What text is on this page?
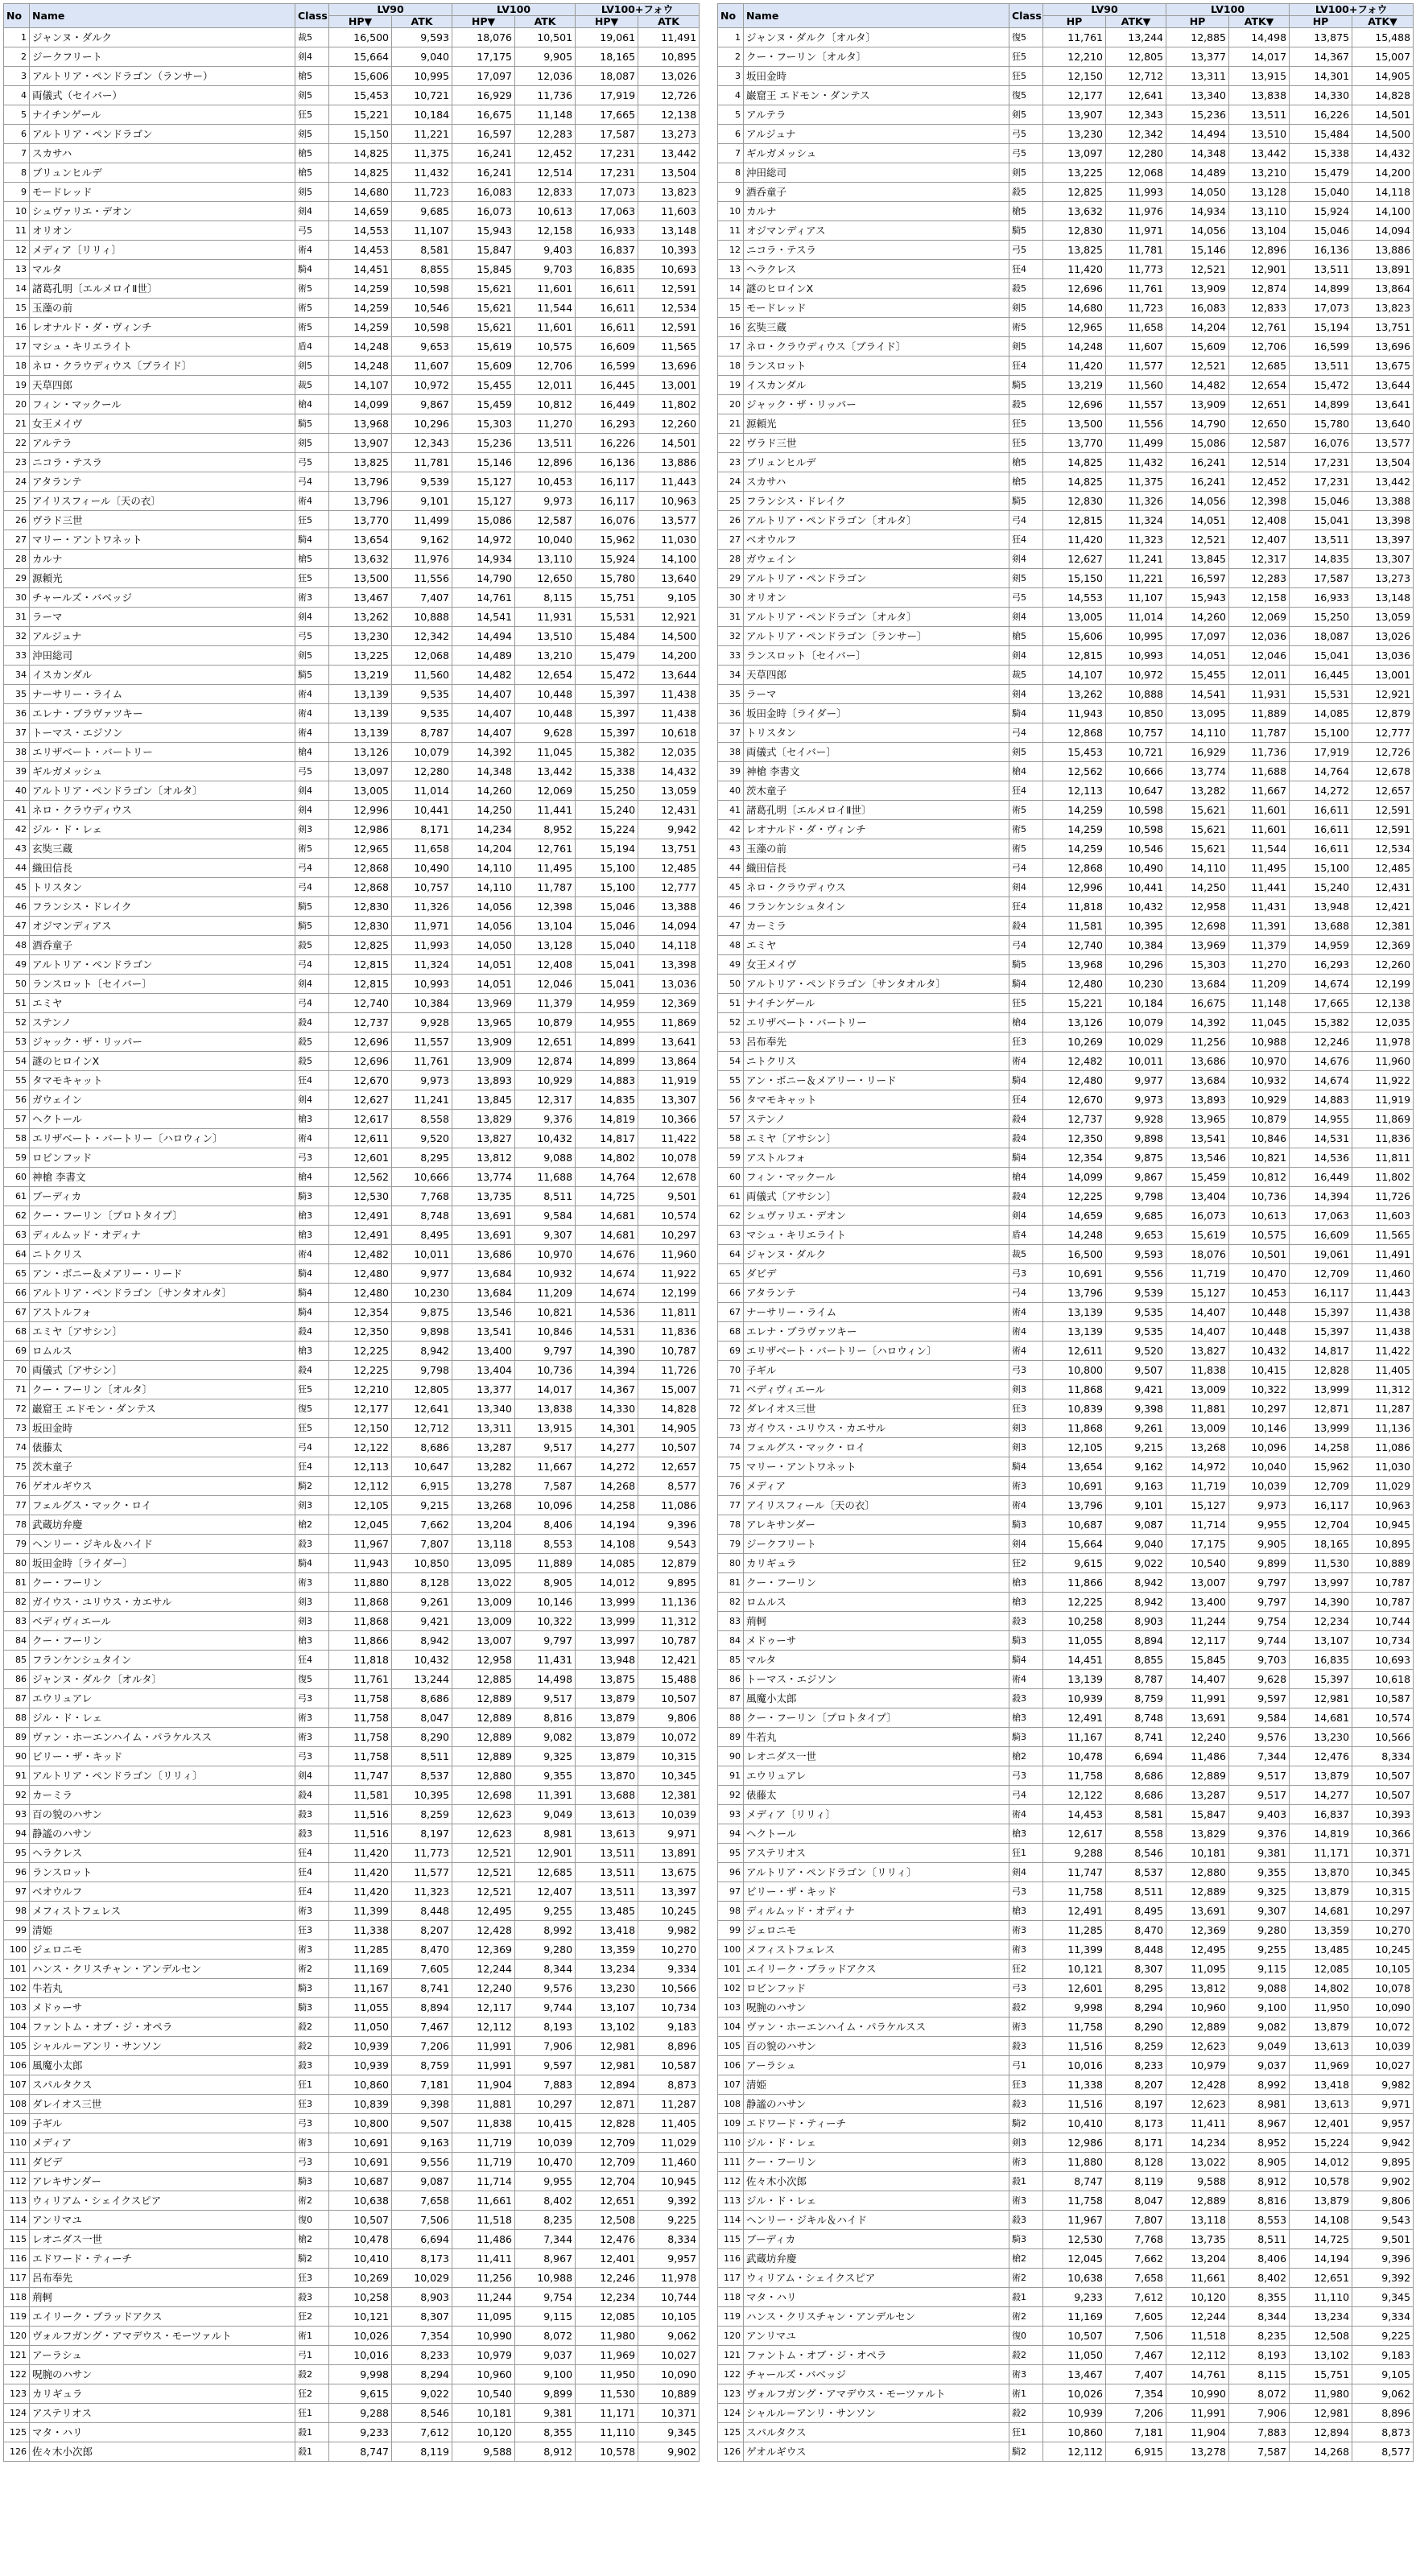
No	Name	Class	LV90		LV100		LV100+フォウ	
			HP▼	ATK	HP▼	ATK	HP▼	ATK
1	ジャンヌ・ダルク	裁5	16,500	9,593	18,076	10,501	19,061	11,491
2	ジークフリート	剣4	15,664	9,040	17,175	9,905	18,165	10,895
3	アルトリア・ペンドラゴン（ランサー）	槍5	15,606	10,995	17,097	12,036	18,087	13,026
4	両儀式（セイバー）	剣5	15,453	10,721	16,929	11,736	17,919	12,726
5	ナイチンゲール	狂5	15,221	10,184	16,675	11,148	17,665	12,138
6	アルトリア・ペンドラゴン	剣5	15,150	11,221	16,597	12,283	17,587	13,273
7	スカサハ	槍5	14,825	11,375	16,241	12,452	17,231	13,442
8	ブリュンヒルデ	槍5	14,825	11,432	16,241	12,514	17,231	13,504
9	モードレッド	剣5	14,680	11,723	16,083	12,833	17,073	13,823
10	シュヴァリエ・デオン	剣4	14,659	9,685	16,073	10,613	17,063	11,603
11	オリオン	弓5	14,553	11,107	15,943	12,158	16,933	13,148
12	メディア〔リリィ〕	術4	14,453	8,581	15,847	9,403	16,837	10,393
13	マルタ	騎4	14,451	8,855	15,845	9,703	16,835	10,693
14	諸葛孔明〔エルメロイⅡ世〕	術5	14,259	10,598	15,621	11,601	16,611	12,591
15	玉藻の前	術5	14,259	10,546	15,621	11,544	16,611	12,534
16	レオナルド・ダ・ヴィンチ	術5	14,259	10,598	15,621	11,601	16,611	12,591
17	マシュ・キリエライト	盾4	14,248	9,653	15,619	10,575	16,609	11,565
18	ネロ・クラウディウス〔ブライド〕	剣5	14,248	11,607	15,609	12,706	16,599	13,696
19	天草四郎	裁5	14,107	10,972	15,455	12,011	16,445	13,001
20	フィン・マックール	槍4	14,099	9,867	15,459	10,812	16,449	11,802
21	女王メイヴ	騎5	13,968	10,296	15,303	11,270	16,293	12,260
22	アルテラ	剣5	13,907	12,343	15,236	13,511	16,226	14,501
23	ニコラ・テスラ	弓5	13,825	11,781	15,146	12,896	16,136	13,886
24	アタランテ	弓4	13,796	9,539	15,127	10,453	16,117	11,443
25	アイリスフィール〔天の衣〕	術4	13,796	9,101	15,127	9,973	16,117	10,963
26	ヴラド三世	狂5	13,770	11,499	15,086	12,587	16,076	13,577
27	マリー・アントワネット	騎4	13,654	9,162	14,972	10,040	15,962	11,030
28	カルナ	槍5	13,632	11,976	14,934	13,110	15,924	14,100
29	源頼光	狂5	13,500	11,556	14,790	12,650	15,780	13,640
30	チャールズ・バベッジ	術3	13,467	7,407	14,761	8,115	15,751	9,105
31	ラーマ	剣4	13,262	10,888	14,541	11,931	15,531	12,921
32	アルジュナ	弓5	13,230	12,342	14,494	13,510	15,484	14,500
33	沖田総司	剣5	13,225	12,068	14,489	13,210	15,479	14,200
34	イスカンダル	騎5	13,219	11,560	14,482	12,654	15,472	13,644
35	ナーサリー・ライム	術4	13,139	9,535	14,407	10,448	15,397	11,438
36	エレナ・ブラヴァツキー	術4	13,139	9,535	14,407	10,448	15,397	11,438
37	トーマス・エジソン	術4	13,139	8,787	14,407	9,628	15,397	10,618
38	エリザベート・バートリー	槍4	13,126	10,079	14,392	11,045	15,382	12,035
39	ギルガメッシュ	弓5	13,097	12,280	14,348	13,442	15,338	14,432
40	アルトリア・ペンドラゴン〔オルタ〕	剣4	13,005	11,014	14,260	12,069	15,250	13,059
41	ネロ・クラウディウス	剣4	12,996	10,441	14,250	11,441	15,240	12,431
42	ジル・ド・レェ	剣3	12,986	8,171	14,234	8,952	15,224	9,942
43	玄奘三蔵	術5	12,965	11,658	14,204	12,761	15,194	13,751
44	織田信長	弓4	12,868	10,490	14,110	11,495	15,100	12,485
45	トリスタン	弓4	12,868	10,757	14,110	11,787	15,100	12,777
46	フランシス・ドレイク	騎5	12,830	11,326	14,056	12,398	15,046	13,388
47	オジマンディアス	騎5	12,830	11,971	14,056	13,104	15,046	14,094
48	酒呑童子	殺5	12,825	11,993	14,050	13,128	15,040	14,118
49	アルトリア・ペンドラゴン	弓4	12,815	11,324	14,051	12,408	15,041	13,398
50	ランスロット〔セイバー〕	剣4	12,815	10,993	14,051	12,046	15,041	13,036
51	エミヤ	弓4	12,740	10,384	13,969	11,379	14,959	12,369
52	ステンノ	殺4	12,737	9,928	13,965	10,879	14,955	11,869
53	ジャック・ザ・リッパー	殺5	12,696	11,557	13,909	12,651	14,899	13,641
54	謎のヒロインX	殺5	12,696	11,761	13,909	12,874	14,899	13,864
55	タマモキャット	狂4	12,670	9,973	13,893	10,929	14,883	11,919
56	ガウェイン	剣4	12,627	11,241	13,845	12,317	14,835	13,307
57	ヘクトール	槍3	12,617	8,558	13,829	9,376	14,819	10,366
58	エリザベート・バートリー〔ハロウィン〕	術4	12,611	9,520	13,827	10,432	14,817	11,422
59	ロビンフッド	弓3	12,601	8,295	13,812	9,088	14,802	10,078
60	神槍 李書文	槍4	12,562	10,666	13,774	11,688	14,764	12,678
61	ブーディカ	騎3	12,530	7,768	13,735	8,511	14,725	9,501
62	クー・フーリン〔プロトタイプ〕	槍3	12,491	8,748	13,691	9,584	14,681	10,574
63	ディルムッド・オディナ	槍3	12,491	8,495	13,691	9,307	14,681	10,297
64	ニトクリス	術4	12,482	10,011	13,686	10,970	14,676	11,960
65	アン・ボニー＆メアリー・リード	騎4	12,480	9,977	13,684	10,932	14,674	11,922
66	アルトリア・ペンドラゴン〔サンタオルタ〕	騎4	12,480	10,230	13,684	11,209	14,674	12,199
67	アストルフォ	騎4	12,354	9,875	13,546	10,821	14,536	11,811
68	エミヤ〔アサシン〕	殺4	12,350	9,898	13,541	10,846	14,531	11,836
69	ロムルス	槍3	12,225	8,942	13,400	9,797	14,390	10,787
70	両儀式〔アサシン〕	殺4	12,225	9,798	13,404	10,736	14,394	11,726
71	クー・フーリン〔オルタ〕	狂5	12,210	12,805	13,377	14,017	14,367	15,007
72	巌窟王 エドモン・ダンテス	復5	12,177	12,641	13,340	13,838	14,330	14,828
73	坂田金時	狂5	12,150	12,712	13,311	13,915	14,301	14,905
74	俵藤太	弓4	12,122	8,686	13,287	9,517	14,277	10,507
75	茨木童子	狂4	12,113	10,647	13,282	11,667	14,272	12,657
76	ゲオルギウス	騎2	12,112	6,915	13,278	7,587	14,268	8,577
77	フェルグス・マック・ロイ	剣3	12,105	9,215	13,268	10,096	14,258	11,086
78	武蔵坊弁慶	槍2	12,045	7,662	13,204	8,406	14,194	9,396
79	ヘンリー・ジキル＆ハイド	殺3	11,967	7,807	13,118	8,553	14,108	9,543
80	坂田金時〔ライダー〕	騎4	11,943	10,850	13,095	11,889	14,085	12,879
81	クー・フーリン	術3	11,880	8,128	13,022	8,905	14,012	9,895
82	ガイウス・ユリウス・カエサル	剣3	11,868	9,261	13,009	10,146	13,999	11,136
83	ベディヴィエール	剣3	11,868	9,421	13,009	10,322	13,999	11,312
84	クー・フーリン	槍3	11,866	8,942	13,007	9,797	13,997	10,787
85	フランケンシュタイン	狂4	11,818	10,432	12,958	11,431	13,948	12,421
86	ジャンヌ・ダルク〔オルタ〕	復5	11,761	13,244	12,885	14,498	13,875	15,488
87	エウリュアレ	弓3	11,758	8,686	12,889	9,517	13,879	10,507
88	ジル・ド・レェ	術3	11,758	8,047	12,889	8,816	13,879	9,806
89	ヴァン・ホーエンハイム・パラケルスス	術3	11,758	8,290	12,889	9,082	13,879	10,072
90	ビリー・ザ・キッド	弓3	11,758	8,511	12,889	9,325	13,879	10,315
91	アルトリア・ペンドラゴン〔リリィ〕	剣4	11,747	8,537	12,880	9,355	13,870	10,345
92	カーミラ	殺4	11,581	10,395	12,698	11,391	13,688	12,381
93	百の貌のハサン	殺3	11,516	8,259	12,623	9,049	13,613	10,039
94	静謐のハサン	殺3	11,516	8,197	12,623	8,981	13,613	9,971
95	ヘラクレス	狂4	11,420	11,773	12,521	12,901	13,511	13,891
96	ランスロット	狂4	11,420	11,577	12,521	12,685	13,511	13,675
97	ベオウルフ	狂4	11,420	11,323	12,521	12,407	13,511	13,397
98	メフィストフェレス	術3	11,399	8,448	12,495	9,255	13,485	10,245
99	清姫	狂3	11,338	8,207	12,428	8,992	13,418	9,982
100	ジェロニモ	術3	11,285	8,470	12,369	9,280	13,359	10,270
101	ハンス・クリスチャン・アンデルセン	術2	11,169	7,605	12,244	8,344	13,234	9,334
102	牛若丸	騎3	11,167	8,741	12,240	9,576	13,230	10,566
103	メドゥーサ	騎3	11,055	8,894	12,117	9,744	13,107	10,734
104	ファントム・オブ・ジ・オペラ	殺2	11,050	7,467	12,112	8,193	13,102	9,183
105	シャルル＝アンリ・サンソン	殺2	10,939	7,206	11,991	7,906	12,981	8,896
106	風魔小太郎	殺3	10,939	8,759	11,991	9,597	12,981	10,587
107	スパルタクス	狂1	10,860	7,181	11,904	7,883	12,894	8,873
108	ダレイオス三世	狂3	10,839	9,398	11,881	10,297	12,871	11,287
109	子ギル	弓3	10,800	9,507	11,838	10,415	12,828	11,405
110	メディア	術3	10,691	9,163	11,719	10,039	12,709	11,029
111	ダビデ	弓3	10,691	9,556	11,719	10,470	12,709	11,460
112	アレキサンダー	騎3	10,687	9,087	11,714	9,955	12,704	10,945
113	ウィリアム・シェイクスピア	術2	10,638	7,658	11,661	8,402	12,651	9,392
114	アンリマユ	復0	10,507	7,506	11,518	8,235	12,508	9,225
115	レオニダス一世	槍2	10,478	6,694	11,486	7,344	12,476	8,334
116	エドワード・ティーチ	騎2	10,410	8,173	11,411	8,967	12,401	9,957
117	呂布奉先	狂3	10,269	10,029	11,256	10,988	12,246	11,978
118	荊軻	殺3	10,258	8,903	11,244	9,754	12,234	10,744
119	エイリーク・ブラッドアクス	狂2	10,121	8,307	11,095	9,115	12,085	10,105
120	ヴォルフガング・アマデウス・モーツァルト	術1	10,026	7,354	10,990	8,072	11,980	9,062
121	アーラシュ	弓1	10,016	8,233	10,979	9,037	11,969	10,027
122	呪腕のハサン	殺2	9,998	8,294	10,960	9,100	11,950	10,090
123	カリギュラ	狂2	9,615	9,022	10,540	9,899	11,530	10,889
124	アステリオス	狂1	9,288	8,546	10,181	9,381	11,171	10,371
125	マタ・ハリ	殺1	9,233	7,612	10,120	8,355	11,110	9,345
126	佐々木小次郎	殺1	8,747	8,119	9,588	8,912	10,578	9,902
No	Name	Class	LV90		LV100		LV100+フォウ	
			HP	ATK▼	HP	ATK▼	HP	ATK▼
1	ジャンヌ・ダルク〔オルタ〕	復5	11,761	13,244	12,885	14,498	13,875	15,488
2	クー・フーリン〔オルタ〕	狂5	12,210	12,805	13,377	14,017	14,367	15,007
3	坂田金時	狂5	12,150	12,712	13,311	13,915	14,301	14,905
4	巌窟王 エドモン・ダンテス	復5	12,177	12,641	13,340	13,838	14,330	14,828
5	アルテラ	剣5	13,907	12,343	15,236	13,511	16,226	14,501
6	アルジュナ	弓5	13,230	12,342	14,494	13,510	15,484	14,500
7	ギルガメッシュ	弓5	13,097	12,280	14,348	13,442	15,338	14,432
8	沖田総司	剣5	13,225	12,068	14,489	13,210	15,479	14,200
9	酒呑童子	殺5	12,825	11,993	14,050	13,128	15,040	14,118
10	カルナ	槍5	13,632	11,976	14,934	13,110	15,924	14,100
11	オジマンディアス	騎5	12,830	11,971	14,056	13,104	15,046	14,094
12	ニコラ・テスラ	弓5	13,825	11,781	15,146	12,896	16,136	13,886
13	ヘラクレス	狂4	11,420	11,773	12,521	12,901	13,511	13,891
14	謎のヒロインX	殺5	12,696	11,761	13,909	12,874	14,899	13,864
15	モードレッド	剣5	14,680	11,723	16,083	12,833	17,073	13,823
16	玄奘三蔵	術5	12,965	11,658	14,204	12,761	15,194	13,751
17	ネロ・クラウディウス〔ブライド〕	剣5	14,248	11,607	15,609	12,706	16,599	13,696
18	ランスロット	狂4	11,420	11,577	12,521	12,685	13,511	13,675
19	イスカンダル	騎5	13,219	11,560	14,482	12,654	15,472	13,644
20	ジャック・ザ・リッパー	殺5	12,696	11,557	13,909	12,651	14,899	13,641
21	源頼光	狂5	13,500	11,556	14,790	12,650	15,780	13,640
22	ヴラド三世	狂5	13,770	11,499	15,086	12,587	16,076	13,577
23	ブリュンヒルデ	槍5	14,825	11,432	16,241	12,514	17,231	13,504
24	スカサハ	槍5	14,825	11,375	16,241	12,452	17,231	13,442
25	フランシス・ドレイク	騎5	12,830	11,326	14,056	12,398	15,046	13,388
26	アルトリア・ペンドラゴン〔オルタ〕	弓4	12,815	11,324	14,051	12,408	15,041	13,398
27	ベオウルフ	狂4	11,420	11,323	12,521	12,407	13,511	13,397
28	ガウェイン	剣4	12,627	11,241	13,845	12,317	14,835	13,307
29	アルトリア・ペンドラゴン	剣5	15,150	11,221	16,597	12,283	17,587	13,273
30	オリオン	弓5	14,553	11,107	15,943	12,158	16,933	13,148
31	アルトリア・ペンドラゴン〔オルタ〕	剣4	13,005	11,014	14,260	12,069	15,250	13,059
32	アルトリア・ペンドラゴン〔ランサー〕	槍5	15,606	10,995	17,097	12,036	18,087	13,026
33	ランスロット〔セイバー〕	剣4	12,815	10,993	14,051	12,046	15,041	13,036
34	天草四郎	裁5	14,107	10,972	15,455	12,011	16,445	13,001
35	ラーマ	剣4	13,262	10,888	14,541	11,931	15,531	12,921
36	坂田金時〔ライダー〕	騎4	11,943	10,850	13,095	11,889	14,085	12,879
37	トリスタン	弓4	12,868	10,757	14,110	11,787	15,100	12,777
38	両儀式〔セイバー〕	剣5	15,453	10,721	16,929	11,736	17,919	12,726
39	神槍 李書文	槍4	12,562	10,666	13,774	11,688	14,764	12,678
40	茨木童子	狂4	12,113	10,647	13,282	11,667	14,272	12,657
41	諸葛孔明〔エルメロイⅡ世〕	術5	14,259	10,598	15,621	11,601	16,611	12,591
42	レオナルド・ダ・ヴィンチ	術5	14,259	10,598	15,621	11,601	16,611	12,591
43	玉藻の前	術5	14,259	10,546	15,621	11,544	16,611	12,534
44	織田信長	弓4	12,868	10,490	14,110	11,495	15,100	12,485
45	ネロ・クラウディウス	剣4	12,996	10,441	14,250	11,441	15,240	12,431
46	フランケンシュタイン	狂4	11,818	10,432	12,958	11,431	13,948	12,421
47	カーミラ	殺4	11,581	10,395	12,698	11,391	13,688	12,381
48	エミヤ	弓4	12,740	10,384	13,969	11,379	14,959	12,369
49	女王メイヴ	騎5	13,968	10,296	15,303	11,270	16,293	12,260
50	アルトリア・ペンドラゴン〔サンタオルタ〕	騎4	12,480	10,230	13,684	11,209	14,674	12,199
51	ナイチンゲール	狂5	15,221	10,184	16,675	11,148	17,665	12,138
52	エリザベート・バートリー	槍4	13,126	10,079	14,392	11,045	15,382	12,035
53	呂布奉先	狂3	10,269	10,029	11,256	10,988	12,246	11,978
54	ニトクリス	術4	12,482	10,011	13,686	10,970	14,676	11,960
55	アン・ボニー＆メアリー・リード	騎4	12,480	9,977	13,684	10,932	14,674	11,922
56	タマモキャット	狂4	12,670	9,973	13,893	10,929	14,883	11,919
57	ステンノ	殺4	12,737	9,928	13,965	10,879	14,955	11,869
58	エミヤ〔アサシン〕	殺4	12,350	9,898	13,541	10,846	14,531	11,836
59	アストルフォ	騎4	12,354	9,875	13,546	10,821	14,536	11,811
60	フィン・マックール	槍4	14,099	9,867	15,459	10,812	16,449	11,802
61	両儀式〔アサシン〕	殺4	12,225	9,798	13,404	10,736	14,394	11,726
62	シュヴァリエ・デオン	剣4	14,659	9,685	16,073	10,613	17,063	11,603
63	マシュ・キリエライト	盾4	14,248	9,653	15,619	10,575	16,609	11,565
64	ジャンヌ・ダルク	裁5	16,500	9,593	18,076	10,501	19,061	11,491
65	ダビデ	弓3	10,691	9,556	11,719	10,470	12,709	11,460
66	アタランテ	弓4	13,796	9,539	15,127	10,453	16,117	11,443
67	ナーサリー・ライム	術4	13,139	9,535	14,407	10,448	15,397	11,438
68	エレナ・ブラヴァツキー	術4	13,139	9,535	14,407	10,448	15,397	11,438
69	エリザベート・バートリー〔ハロウィン〕	術4	12,611	9,520	13,827	10,432	14,817	11,422
70	子ギル	弓3	10,800	9,507	11,838	10,415	12,828	11,405
71	ベディヴィエール	剣3	11,868	9,421	13,009	10,322	13,999	11,312
72	ダレイオス三世	狂3	10,839	9,398	11,881	10,297	12,871	11,287
73	ガイウス・ユリウス・カエサル	剣3	11,868	9,261	13,009	10,146	13,999	11,136
74	フェルグス・マック・ロイ	剣3	12,105	9,215	13,268	10,096	14,258	11,086
75	マリー・アントワネット	騎4	13,654	9,162	14,972	10,040	15,962	11,030
76	メディア	術3	10,691	9,163	11,719	10,039	12,709	11,029
77	アイリスフィール〔天の衣〕	術4	13,796	9,101	15,127	9,973	16,117	10,963
78	アレキサンダー	騎3	10,687	9,087	11,714	9,955	12,704	10,945
79	ジークフリート	剣4	15,664	9,040	17,175	9,905	18,165	10,895
80	カリギュラ	狂2	9,615	9,022	10,540	9,899	11,530	10,889
81	クー・フーリン	槍3	11,866	8,942	13,007	9,797	13,997	10,787
82	ロムルス	槍3	12,225	8,942	13,400	9,797	14,390	10,787
83	荊軻	殺3	10,258	8,903	11,244	9,754	12,234	10,744
84	メドゥーサ	騎3	11,055	8,894	12,117	9,744	13,107	10,734
85	マルタ	騎4	14,451	8,855	15,845	9,703	16,835	10,693
86	トーマス・エジソン	術4	13,139	8,787	14,407	9,628	15,397	10,618
87	風魔小太郎	殺3	10,939	8,759	11,991	9,597	12,981	10,587
88	クー・フーリン〔プロトタイプ〕	槍3	12,491	8,748	13,691	9,584	14,681	10,574
89	牛若丸	騎3	11,167	8,741	12,240	9,576	13,230	10,566
90	レオニダス一世	槍2	10,478	6,694	11,486	7,344	12,476	8,334
91	エウリュアレ	弓3	11,758	8,686	12,889	9,517	13,879	10,507
92	俵藤太	弓4	12,122	8,686	13,287	9,517	14,277	10,507
93	メディア〔リリィ〕	術4	14,453	8,581	15,847	9,403	16,837	10,393
94	ヘクトール	槍3	12,617	8,558	13,829	9,376	14,819	10,366
95	アステリオス	狂1	9,288	8,546	10,181	9,381	11,171	10,371
96	アルトリア・ペンドラゴン〔リリィ〕	剣4	11,747	8,537	12,880	9,355	13,870	10,345
97	ビリー・ザ・キッド	弓3	11,758	8,511	12,889	9,325	13,879	10,315
98	ディルムッド・オディナ	槍3	12,491	8,495	13,691	9,307	14,681	10,297
99	ジェロニモ	術3	11,285	8,470	12,369	9,280	13,359	10,270
100	メフィストフェレス	術3	11,399	8,448	12,495	9,255	13,485	10,245
101	エイリーク・ブラッドアクス	狂2	10,121	8,307	11,095	9,115	12,085	10,105
102	ロビンフッド	弓3	12,601	8,295	13,812	9,088	14,802	10,078
103	呪腕のハサン	殺2	9,998	8,294	10,960	9,100	11,950	10,090
104	ヴァン・ホーエンハイム・パラケルスス	術3	11,758	8,290	12,889	9,082	13,879	10,072
105	百の貌のハサン	殺3	11,516	8,259	12,623	9,049	13,613	10,039
106	アーラシュ	弓1	10,016	8,233	10,979	9,037	11,969	10,027
107	清姫	狂3	11,338	8,207	12,428	8,992	13,418	9,982
108	静謐のハサン	殺3	11,516	8,197	12,623	8,981	13,613	9,971
109	エドワード・ティーチ	騎2	10,410	8,173	11,411	8,967	12,401	9,957
110	ジル・ド・レェ	剣3	12,986	8,171	14,234	8,952	15,224	9,942
111	クー・フーリン	術3	11,880	8,128	13,022	8,905	14,012	9,895
112	佐々木小次郎	殺1	8,747	8,119	9,588	8,912	10,578	9,902
113	ジル・ド・レェ	術3	11,758	8,047	12,889	8,816	13,879	9,806
114	ヘンリー・ジキル＆ハイド	殺3	11,967	7,807	13,118	8,553	14,108	9,543
115	ブーディカ	騎3	12,530	7,768	13,735	8,511	14,725	9,501
116	武蔵坊弁慶	槍2	12,045	7,662	13,204	8,406	14,194	9,396
117	ウィリアム・シェイクスピア	術2	10,638	7,658	11,661	8,402	12,651	9,392
118	マタ・ハリ	殺1	9,233	7,612	10,120	8,355	11,110	9,345
119	ハンス・クリスチャン・アンデルセン	術2	11,169	7,605	12,244	8,344	13,234	9,334
120	アンリマユ	復0	10,507	7,506	11,518	8,235	12,508	9,225
121	ファントム・オブ・ジ・オペラ	殺2	11,050	7,467	12,112	8,193	13,102	9,183
122	チャールズ・バベッジ	術3	13,467	7,407	14,761	8,115	15,751	9,105
123	ヴォルフガング・アマデウス・モーツァルト	術1	10,026	7,354	10,990	8,072	11,980	9,062
124	シャルル＝アンリ・サンソン	殺2	10,939	7,206	11,991	7,906	12,981	8,896
125	スパルタクス	狂1	10,860	7,181	11,904	7,883	12,894	8,873
126	ゲオルギウス	騎2	12,112	6,915	13,278	7,587	14,268	8,577
